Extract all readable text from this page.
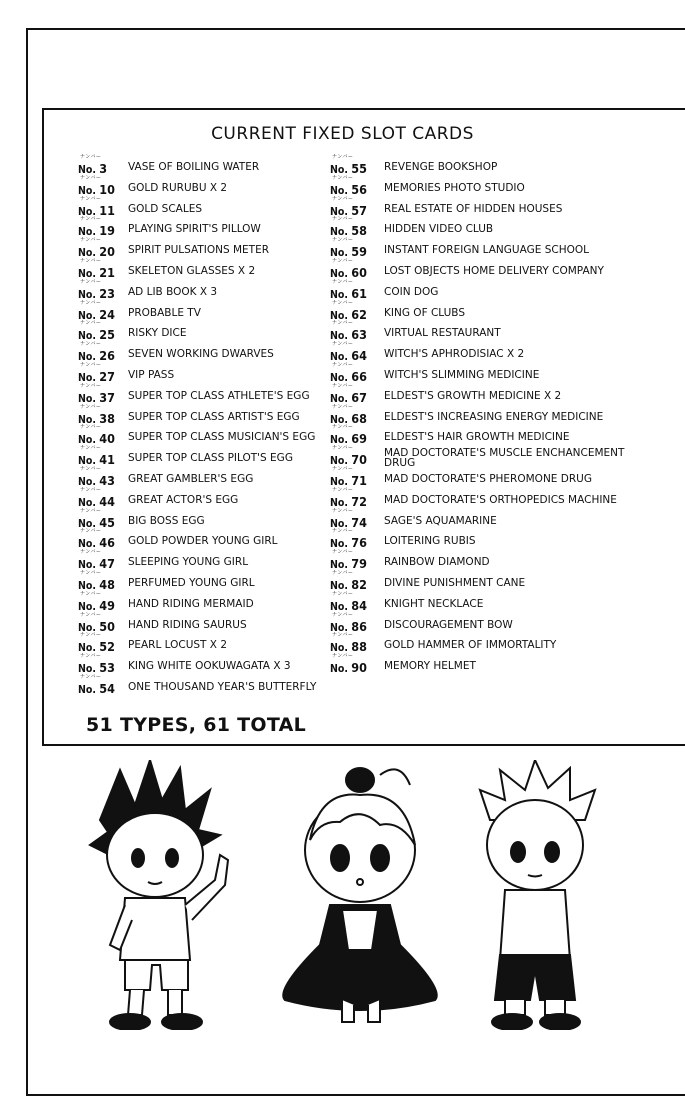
CURRENT FIXED SLOT CARDS
ナンバー
No. 3 VASE OF BOILING WATER
ナンバー
No. 10 GOLD RURUBU X 2
ナンバー
No. 11 GOLD SCALES
ナンバー
No. 19 PLAYING SPIRIT'S PILLOW
ナンバー
No. 20 SPIRIT PULSATIONS METER
ナンバー
No. 21 SKELETON GLASSES X 2
ナンバー
No. 23 AD LIB BOOK X 3
ナンバー
No. 24 PROBABLE TV
ナンバー
No. 25 RISKY DICE
ナンバー
No. 26 SEVEN WORKING DWARVES
ナンバー
No. 27 VIP PASS
ナンバー
No. 37 SUPER TOP CLASS ATHLETE'S EGG
ナンバー
No. 38 SUPER TOP CLASS ARTIST'S EGG
ナンバー
No. 40 SUPER TOP CLASS MUSICIAN'S EGG
ナンバー
No. 41 SUPER TOP CLASS PILOT'S EGG
ナンバー
No. 43 GREAT GAMBLER'S EGG
ナンバー
No. 44 GREAT ACTOR'S EGG
ナンバー
No. 45 BIG BOSS EGG
ナンバー
No. 46 GOLD POWDER YOUNG GIRL
ナンバー
No. 47 SLEEPING YOUNG GIRL
ナンバー
No. 48 PERFUMED YOUNG GIRL
ナンバー
No. 49 HAND RIDING MERMAID
ナンバー
No. 50 HAND RIDING SAURUS
ナンバー
No. 52 PEARL LOCUST X 2
ナンバー
No. 53 KING WHITE OOKUWAGATA X 3
ナンバー
No. 54 ONE THOUSAND YEAR'S BUTTERFLY
ナンバー
No. 55 REVENGE BOOKSHOP
ナンバー
No. 56 MEMORIES PHOTO STUDIO
ナンバー
No. 57 REAL ESTATE OF HIDDEN HOUSES
ナンバー
No. 58 HIDDEN VIDEO CLUB
ナンバー
No. 59 INSTANT FOREIGN LANGUAGE SCHOOL
ナンバー
No. 60 LOST OBJECTS HOME DELIVERY COMPANY
ナンバー
No. 61 COIN DOG
ナンバー
No. 62 KING OF CLUBS
ナンバー
No. 63 VIRTUAL RESTAURANT
ナンバー
No. 64 WITCH'S APHRODISIAC X 2
ナンバー
No. 66 WITCH'S SLIMMING MEDICINE
ナンバー
No. 67 ELDEST'S GROWTH MEDICINE X 2
ナンバー
No. 68 ELDEST'S INCREASING ENERGY MEDICINE
ナンバー
No. 69 ELDEST'S HAIR GROWTH MEDICINE
ナンバー
No. 70 MAD DOCTORATE'S MUSCLE ENCHANCEMENT DRUG
ナンバー
No. 71 MAD DOCTORATE'S PHEROMONE DRUG
ナンバー
No. 72 MAD DOCTORATE'S ORTHOPEDICS MACHINE
ナンバー
No. 74 SAGE'S AQUAMARINE
ナンバー
No. 76 LOITERING RUBIS
ナンバー
No. 79 RAINBOW DIAMOND
ナンバー
No. 82 DIVINE PUNISHMENT CANE
ナンバー
No. 84 KNIGHT NECKLACE
ナンバー
No. 86 DISCOURAGEMENT BOW
ナンバー
No. 88 GOLD HAMMER OF IMMORTALITY
ナンバー
No. 90 MEMORY HELMET
51 TYPES, 61 TOTAL
